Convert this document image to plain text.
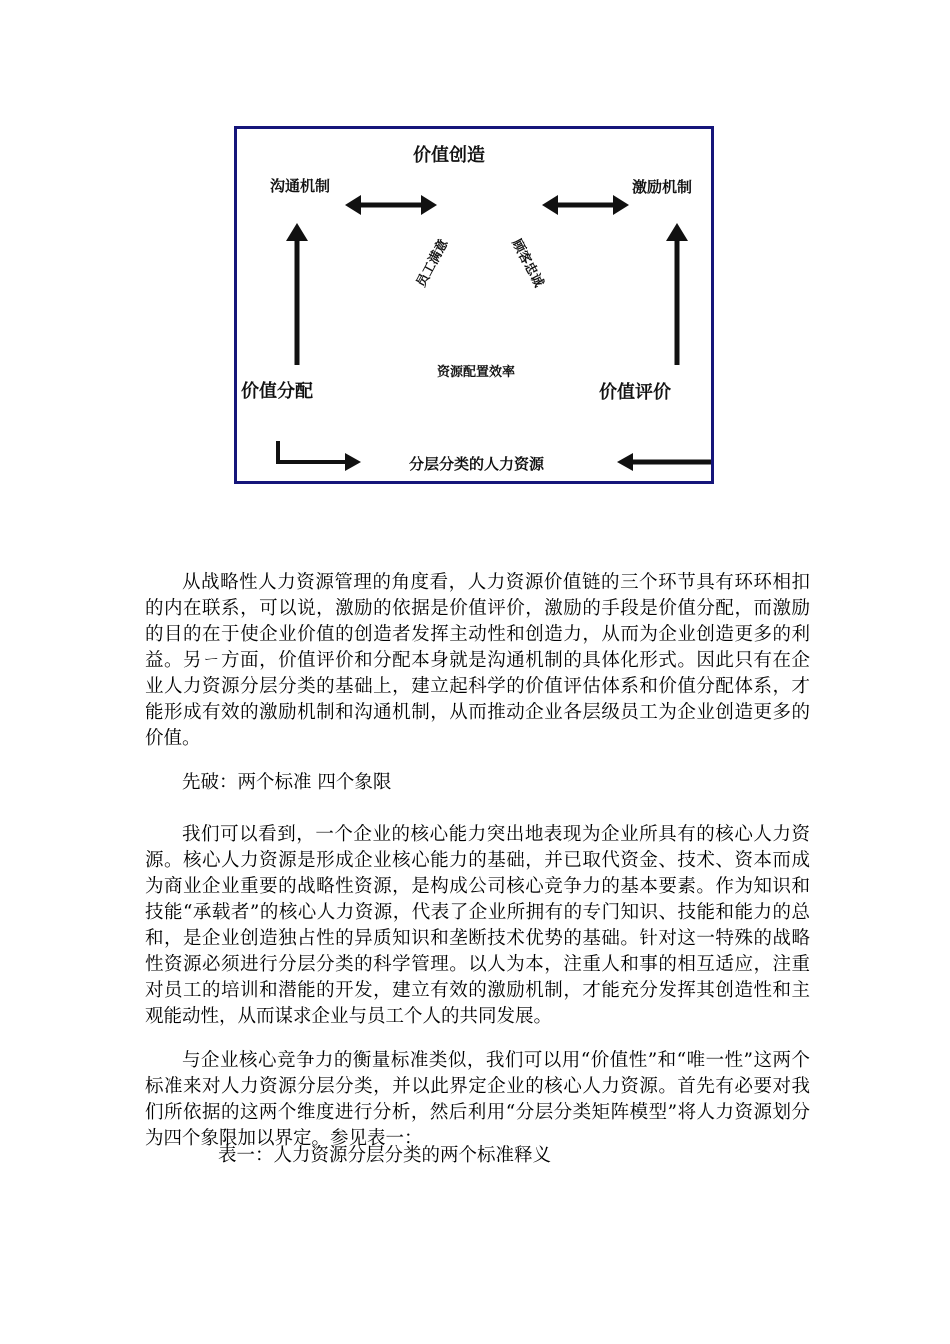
价值创造
沟通机制	激励机制
员工满意	顾客忠诚
资源配置效率
价值分配	价值评价
分层分类的人力资源

从战略性人力资源管理的角度看，人力资源价值链的三个环节具有环环相扣的内在联系，可以说，激励的依据是价值评价，激励的手段是价值分配，而激励的目的在于使企业价值的创造者发挥主动性和创造力，从而为企业创造更多的利益。另ㄧ方面，价值评价和分配本身就是沟通机制的具体化形式。因此只有在企业人力资源分层分类的基础上，建立起科学的价值评估体系和价值分配体系，才能形成有效的激励机制和沟通机制，从而推动企业各层级员工为企业创造更多的价值。

先破：两个标准 四个象限

我们可以看到，一个企业的核心能力突出地表现为企业所具有的核心人力资源。核心人力资源是形成企业核心能力的基础，并已取代资金、技术、资本而成为商业企业重要的战略性资源，是构成公司核心竞争力的基本要素。作为知识和技能“承载者”的核心人力资源，代表了企业所拥有的专门知识、技能和能力的总和，是企业创造独占性的异质知识和垄断技术优势的基础。针对这一特殊的战略性资源必须进行分层分类的科学管理。以人为本，注重人和事的相互适应，注重对员工的培训和潜能的开发，建立有效的激励机制，才能充分发挥其创造性和主观能动性，从而谋求企业与员工个人的共同发展。

与企业核心竞争力的衡量标准类似，我们可以用“价值性”和“唯一性”这两个标准来对人力资源分层分类，并以此界定企业的核心人力资源。首先有必要对我们所依据的这两个维度进行分析，然后利用“分层分类矩阵模型”将人力资源划分为四个象限加以界定。参见表一：

表一：人力资源分层分类的两个标准释义
